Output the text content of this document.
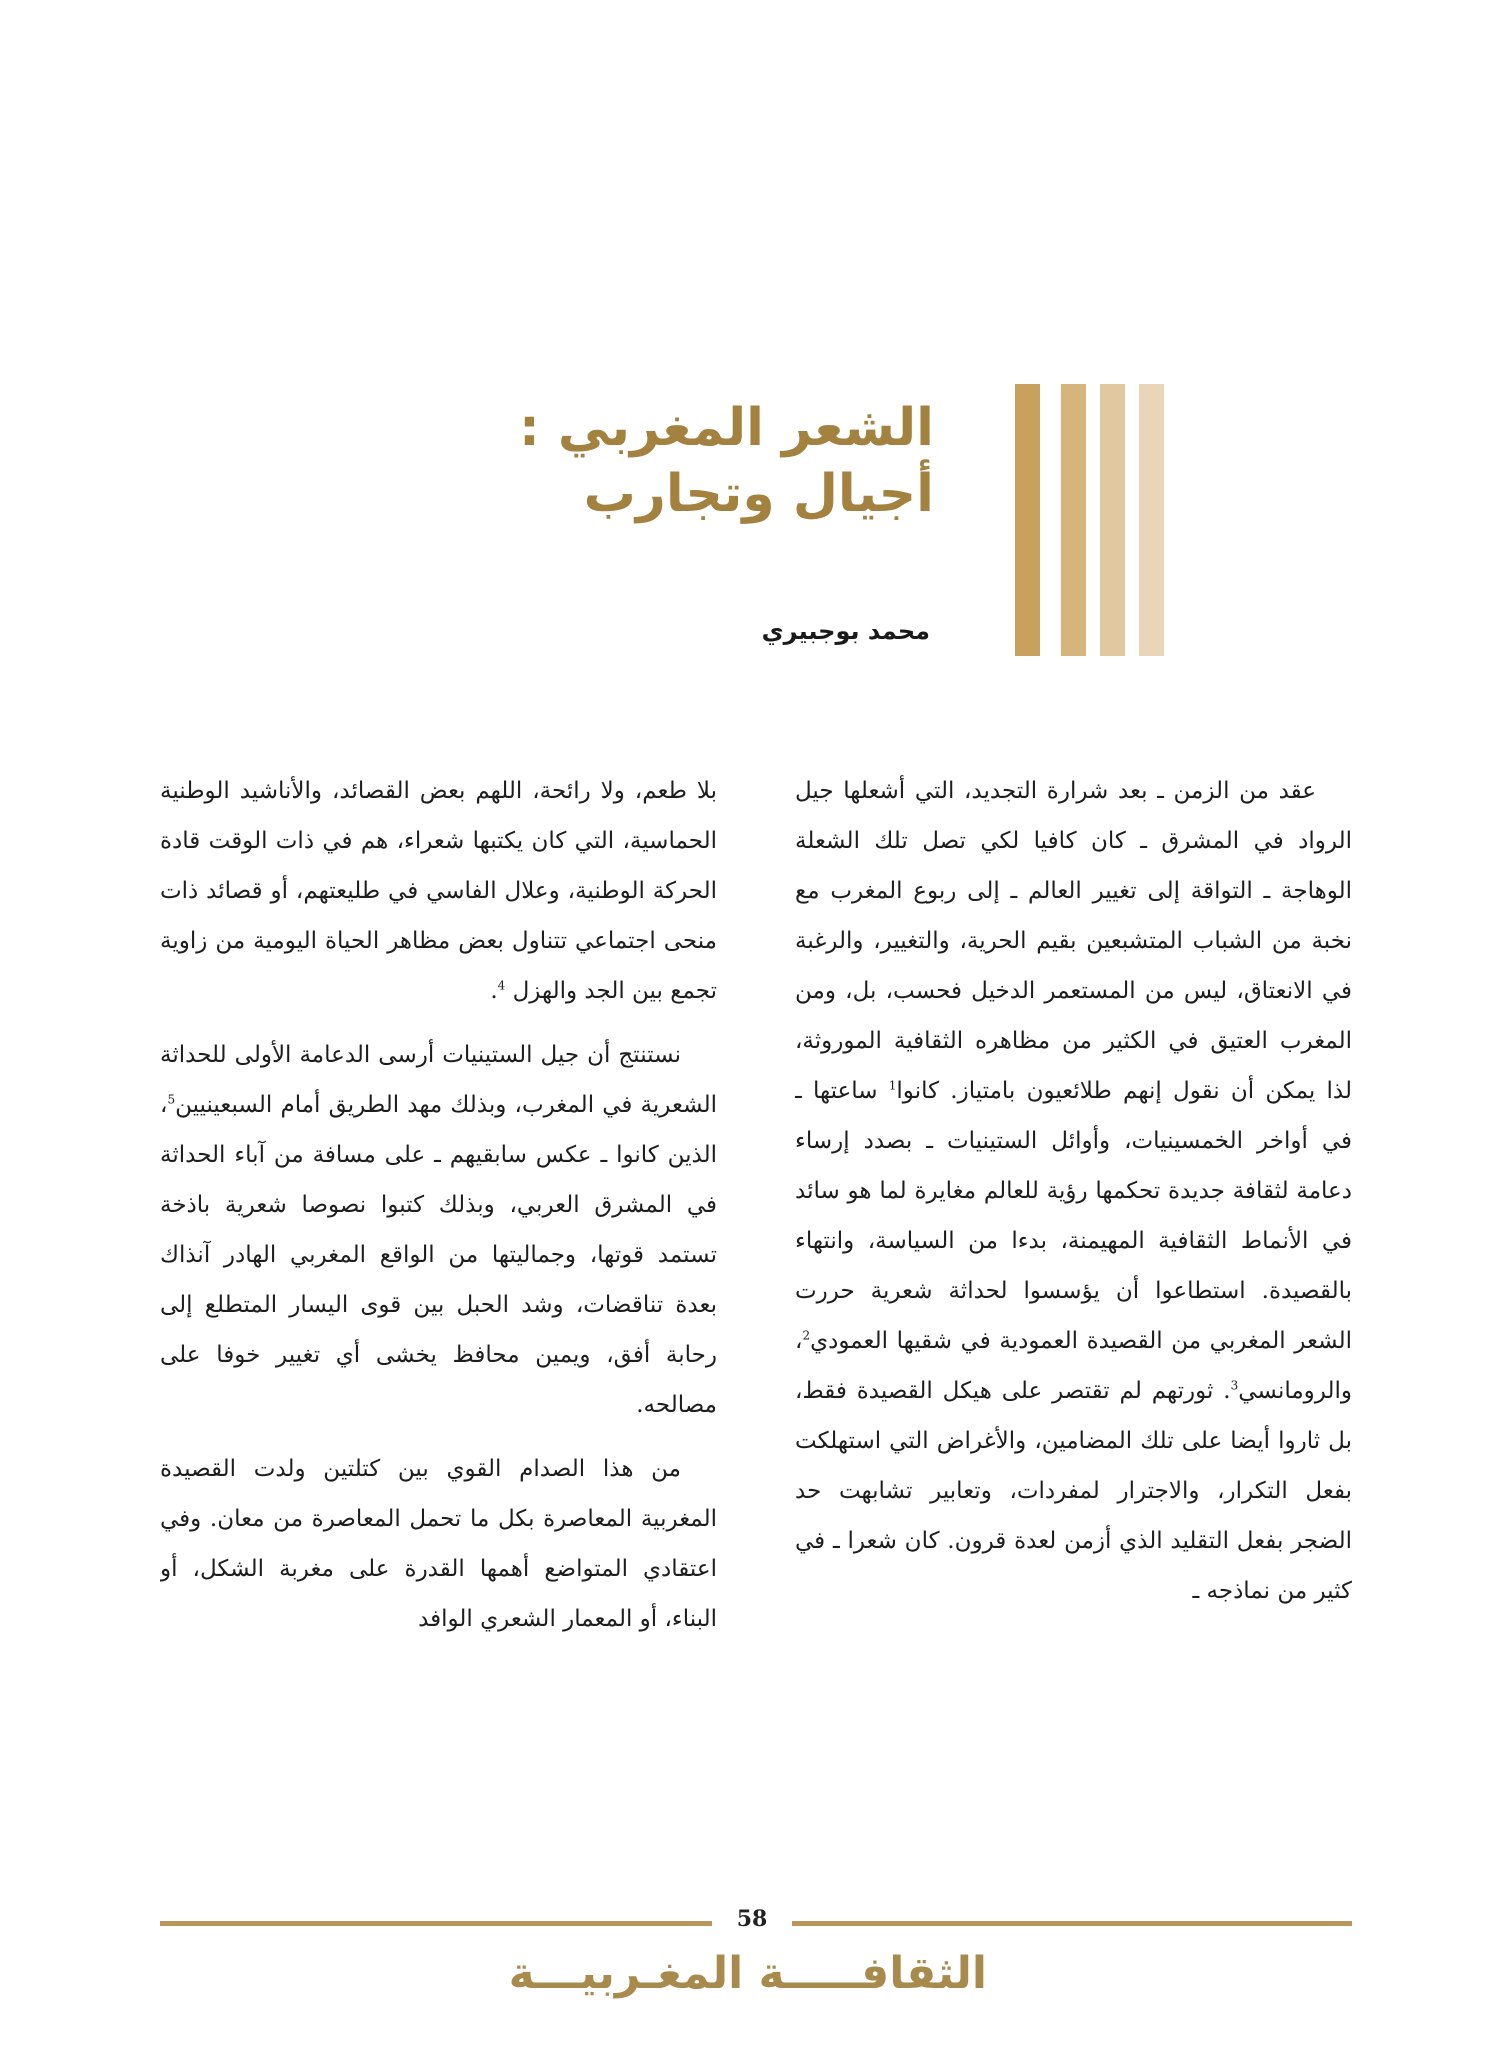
الشعر المغربي :
أجيال وتجارب
محمد بوجبيري

عقد من الزمن ـ بعد شرارة التجديد، التي أشعلها جيل الرواد في المشرق ـ كان كافيا لكي تصل تلك الشعلة الوهاجة ـ التواقة إلى تغيير العالم ـ إلى ربوع المغرب مع نخبة من الشباب المتشبعين بقيم الحرية، والتغيير، والرغبة في الانعتاق، ليس من المستعمر الدخيل فحسب، بل، ومن المغرب العتيق في الكثير من مظاهره الثقافية الموروثة، لذا يمكن أن نقول إنهم طلائعيون بامتياز. كانوا$^1$ ساعتها ـ في أواخر الخمسينيات، وأوائل الستينيات ـ بصدد إرساء دعامة لثقافة جديدة تحكمها رؤية للعالم مغايرة لما هو سائد في الأنماط الثقافية المهيمنة، بدءا من السياسة، وانتهاء بالقصيدة. استطاعوا أن يؤسسوا لحداثة شعرية حررت الشعر المغربي من القصيدة العمودية في شقيها العمودي$^2$، والرومانسي$^3$. ثورتهم لم تقتصر على هيكل القصيدة فقط، بل ثاروا أيضا على تلك المضامين، والأغراض التي استهلكت بفعل التكرار، والاجترار لمفردات، وتعابير تشابهت حد الضجر بفعل التقليد الذي أزمن لعدة قرون. كان شعرا ـ في كثير من نماذجه ـ

بلا طعم، ولا رائحة، اللهم بعض القصائد، والأناشيد الوطنية الحماسية، التي كان يكتبها شعراء، هم في ذات الوقت قادة الحركة الوطنية، وعلال الفاسي في طليعتهم، أو قصائد ذات منحى اجتماعي تتناول بعض مظاهر الحياة اليومية من زاوية تجمع بين الجد والهزل $^4$.

نستنتج أن جيل الستينيات أرسى الدعامة الأولى للحداثة الشعرية في المغرب، وبذلك مهد الطريق أمام السبعينيين$^5$، الذين كانوا ـ عكس سابقيهم ـ على مسافة من آباء الحداثة في المشرق العربي، وبذلك كتبوا نصوصا شعرية باذخة تستمد قوتها، وجماليتها من الواقع المغربي الهادر آنذاك بعدة تناقضات، وشد الحبل بين قوى اليسار المتطلع إلى رحابة أفق، ويمين محافظ يخشى أي تغيير خوفا على مصالحه.

من هذا الصدام القوي بين كتلتين ولدت القصيدة المغربية المعاصرة بكل ما تحمل المعاصرة من معان. وفي اعتقادي المتواضع أهمها القدرة على مغربة الشكل، أو البناء، أو المعمار الشعري الوافد

58
الثقافـــــة المغـربيـــة
